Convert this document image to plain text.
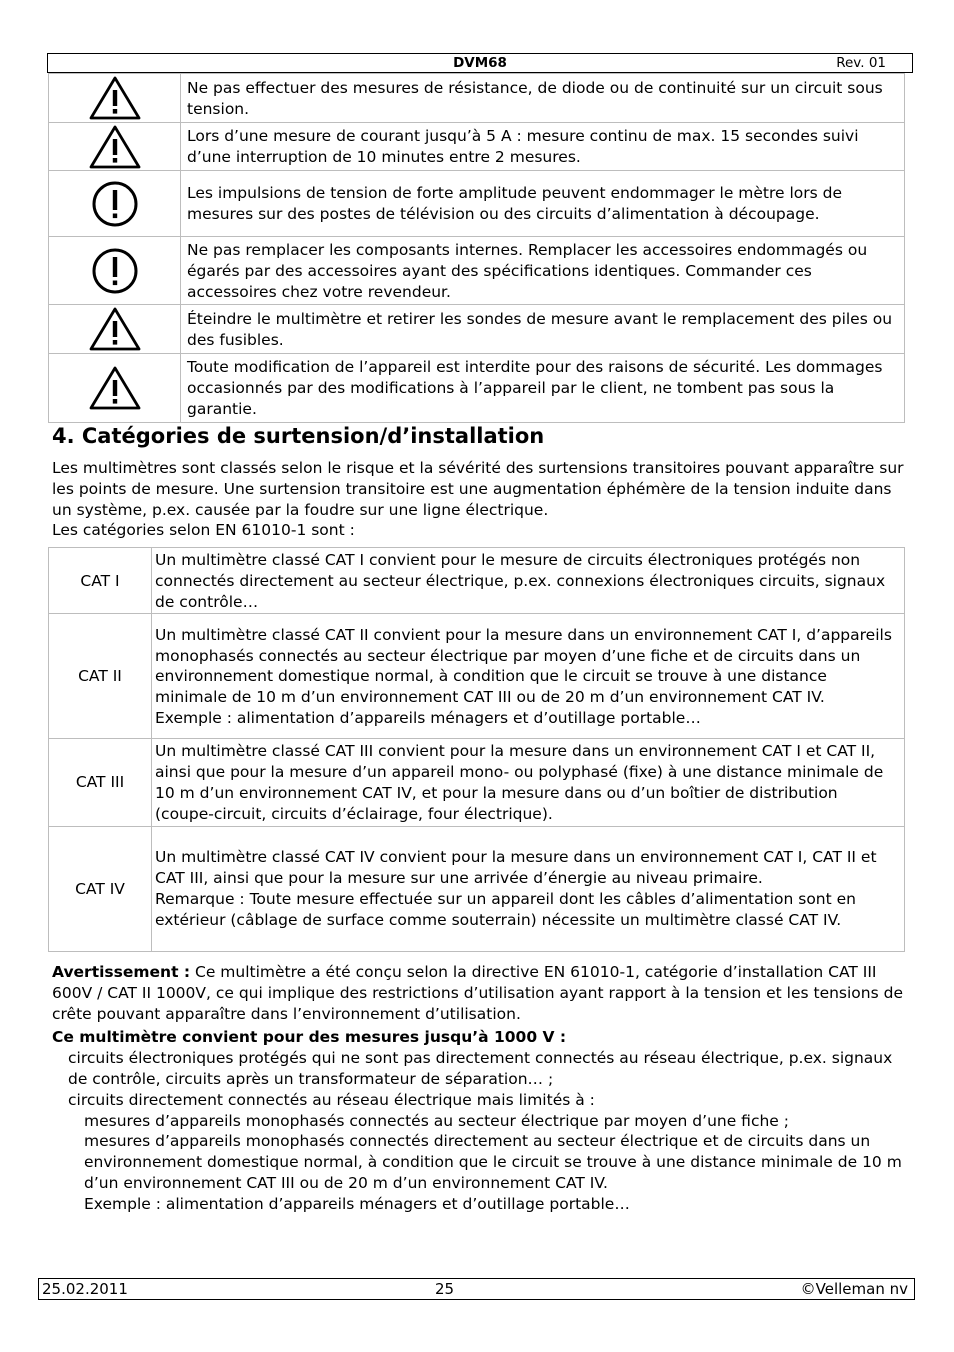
DVM68	Rev. 01
	Ne pas effectuer des mesures de résistance, de diode ou de continuité sur un circuit sous tension.

	Lors d’une mesure de courant jusqu’à 5 A : mesure continu de max. 15 secondes suivi d’une interruption de 10 minutes entre 2 mesures.

	Les impulsions de tension de forte amplitude peuvent endommager le mètre lors de mesures sur des postes de télévision ou des circuits d’alimentation à découpage.

	Ne pas remplacer les composants internes. Remplacer les accessoires endommagés ou égarés par des accessoires ayant des spécifications identiques. Commander ces accessoires chez votre revendeur.

	Éteindre le multimètre et retirer les sondes de mesure avant le remplacement des piles ou des fusibles.

	Toute modification de l’appareil est interdite pour des raisons de sécurité. Les dommages occasionnés par des modifications à l’appareil par le client, ne tombent pas sous la garantie.
4. Catégories de surtension/d’installation
Les multimètres sont classés selon le risque et la sévérité des surtensions transitoires pouvant apparaître sur les points de mesure. Une surtension transitoire est une augmentation éphémère de la tension induite dans un système, p.ex. causée par la foudre sur une ligne électrique.
Les catégories selon EN 61010-1 sont :
CAT I	Un multimètre classé CAT I convient pour le mesure de circuits électroniques protégés non connectés directement au secteur électrique, p.ex. connexions électroniques circuits, signaux de contrôle…

CAT II	Un multimètre classé CAT II convient pour la mesure dans un environnement CAT I, d’appareils monophasés connectés au secteur électrique par moyen d’une fiche et de circuits dans un environnement domestique normal, à condition que le circuit se trouve à une distance minimale de 10 m d’un environnement CAT III ou de 20 m d’un environnement CAT IV.
Exemple : alimentation d’appareils ménagers et d’outillage portable…

CAT III	Un multimètre classé CAT III convient pour la mesure dans un environnement CAT I et CAT II, ainsi que pour la mesure d’un appareil mono- ou polyphasé (fixe) à une distance minimale de 10 m d’un environnement CAT IV, et pour la mesure dans ou d’un boîtier de distribution (coupe-circuit, circuits d’éclairage, four électrique).

CAT IV	Un multimètre classé CAT IV convient pour la mesure dans un environnement CAT I, CAT II et CAT III, ainsi que pour la mesure sur une arrivée d’énergie au niveau primaire.
Remarque : Toute mesure effectuée sur un appareil dont les câbles d’alimentation sont en extérieur (câblage de surface comme souterrain) nécessite un multimètre classé CAT IV.

Avertissement : Ce multimètre a été conçu selon la directive EN 61010-1, catégorie d’installation CAT III 600V / CAT II 1000V, ce qui implique des restrictions d’utilisation ayant rapport à la tension et les tensions de crête pouvant apparaître dans l’environnement d’utilisation.

Ce multimètre convient pour des mesures jusqu’à 1000 V :

circuits électroniques protégés qui ne sont pas directement connectés au réseau électrique, p.ex. signaux de contrôle, circuits après un transformateur de séparation… ;

circuits directement connectés au réseau électrique mais limités à :

mesures d’appareils monophasés connectés au secteur électrique par moyen d’une fiche ;

mesures d’appareils monophasés connectés directement au secteur électrique et de circuits dans un environnement domestique normal, à condition que le circuit se trouve à une distance minimale de 10 m d’un environnement CAT III ou de 20 m d’un environnement CAT IV.

Exemple : alimentation d’appareils ménagers et d’outillage portable…

25.02.2011	25	©Velleman nv
